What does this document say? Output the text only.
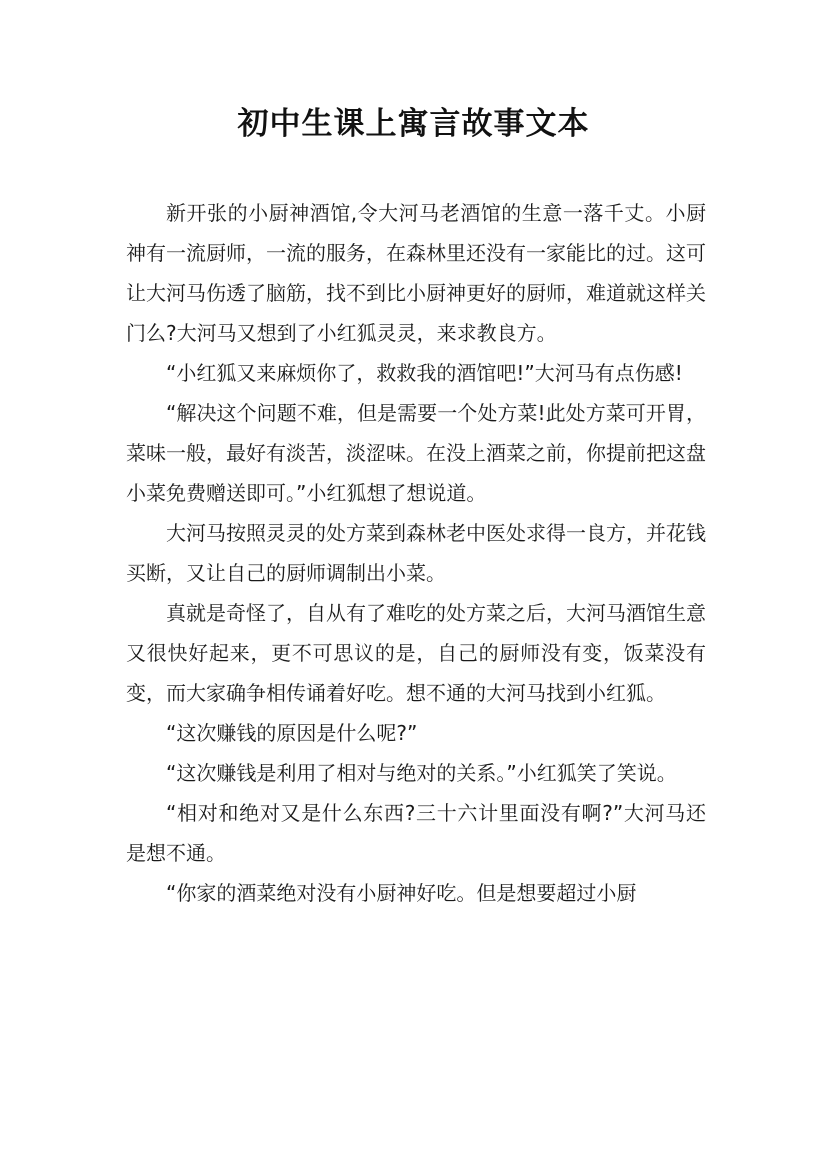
初中生课上寓言故事文本

新开张的小厨神酒馆,令大河马老酒馆的生意一落千丈。小厨神有一流厨师，一流的服务，在森林里还没有一家能比的过。这可让大河马伤透了脑筋，找不到比小厨神更好的厨师，难道就这样关门么?大河马又想到了小红狐灵灵，来求教良方。

“小红狐又来麻烦你了，救救我的酒馆吧!”大河马有点伤感!

“解决这个问题不难，但是需要一个处方菜!此处方菜可开胃，菜味一般，最好有淡苦，淡涩味。在没上酒菜之前，你提前把这盘小菜免费赠送即可。”小红狐想了想说道。

大河马按照灵灵的处方菜到森林老中医处求得一良方，并花钱买断，又让自己的厨师调制出小菜。

真就是奇怪了，自从有了难吃的处方菜之后，大河马酒馆生意又很快好起来，更不可思议的是，自己的厨师没有变，饭菜没有变，而大家确争相传诵着好吃。想不通的大河马找到小红狐。

“这次赚钱的原因是什么呢?”

“这次赚钱是利用了相对与绝对的关系。”小红狐笑了笑说。

“相对和绝对又是什么东西?三十六计里面没有啊?”大河马还是想不通。

“你家的酒菜绝对没有小厨神好吃。但是想要超过小厨
